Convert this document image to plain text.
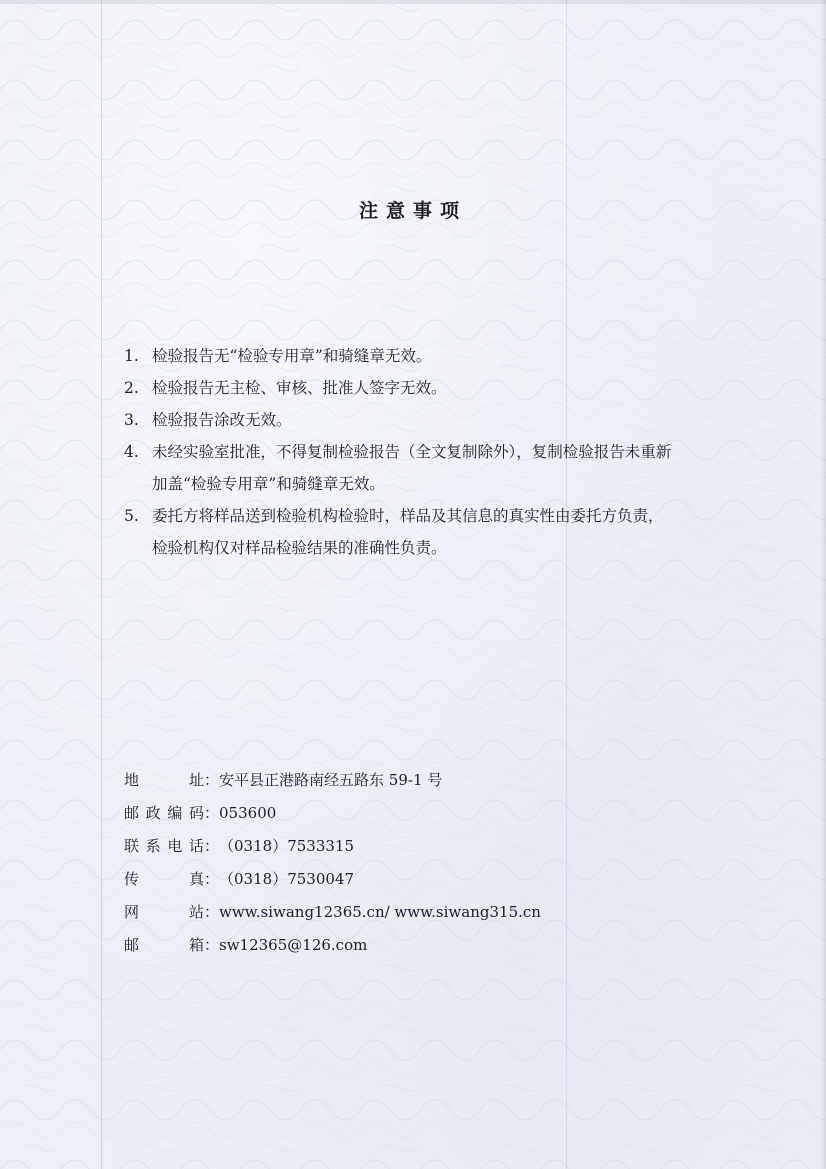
注意事项
1. 检验报告无“检验专用章”和骑缝章无效。
2. 检验报告无主检、审核、批准人签字无效。
3. 检验报告涂改无效。
4. 未经实验室批准，不得复制检验报告（全文复制除外），复制检验报告未重新
加盖“检验专用章”和骑缝章无效。
5. 委托方将样品送到检验机构检验时，样品及其信息的真实性由委托方负责，
检验机构仅对样品检验结果的准确性负责。
地址：安平县正港路南经五路东 59-1 号
邮政编码：053600
联系电话：（0318）7533315
传真：（0318）7530047
网站：www.siwang12365.cn/ www.siwang315.cn
邮箱：sw12365@126.com
